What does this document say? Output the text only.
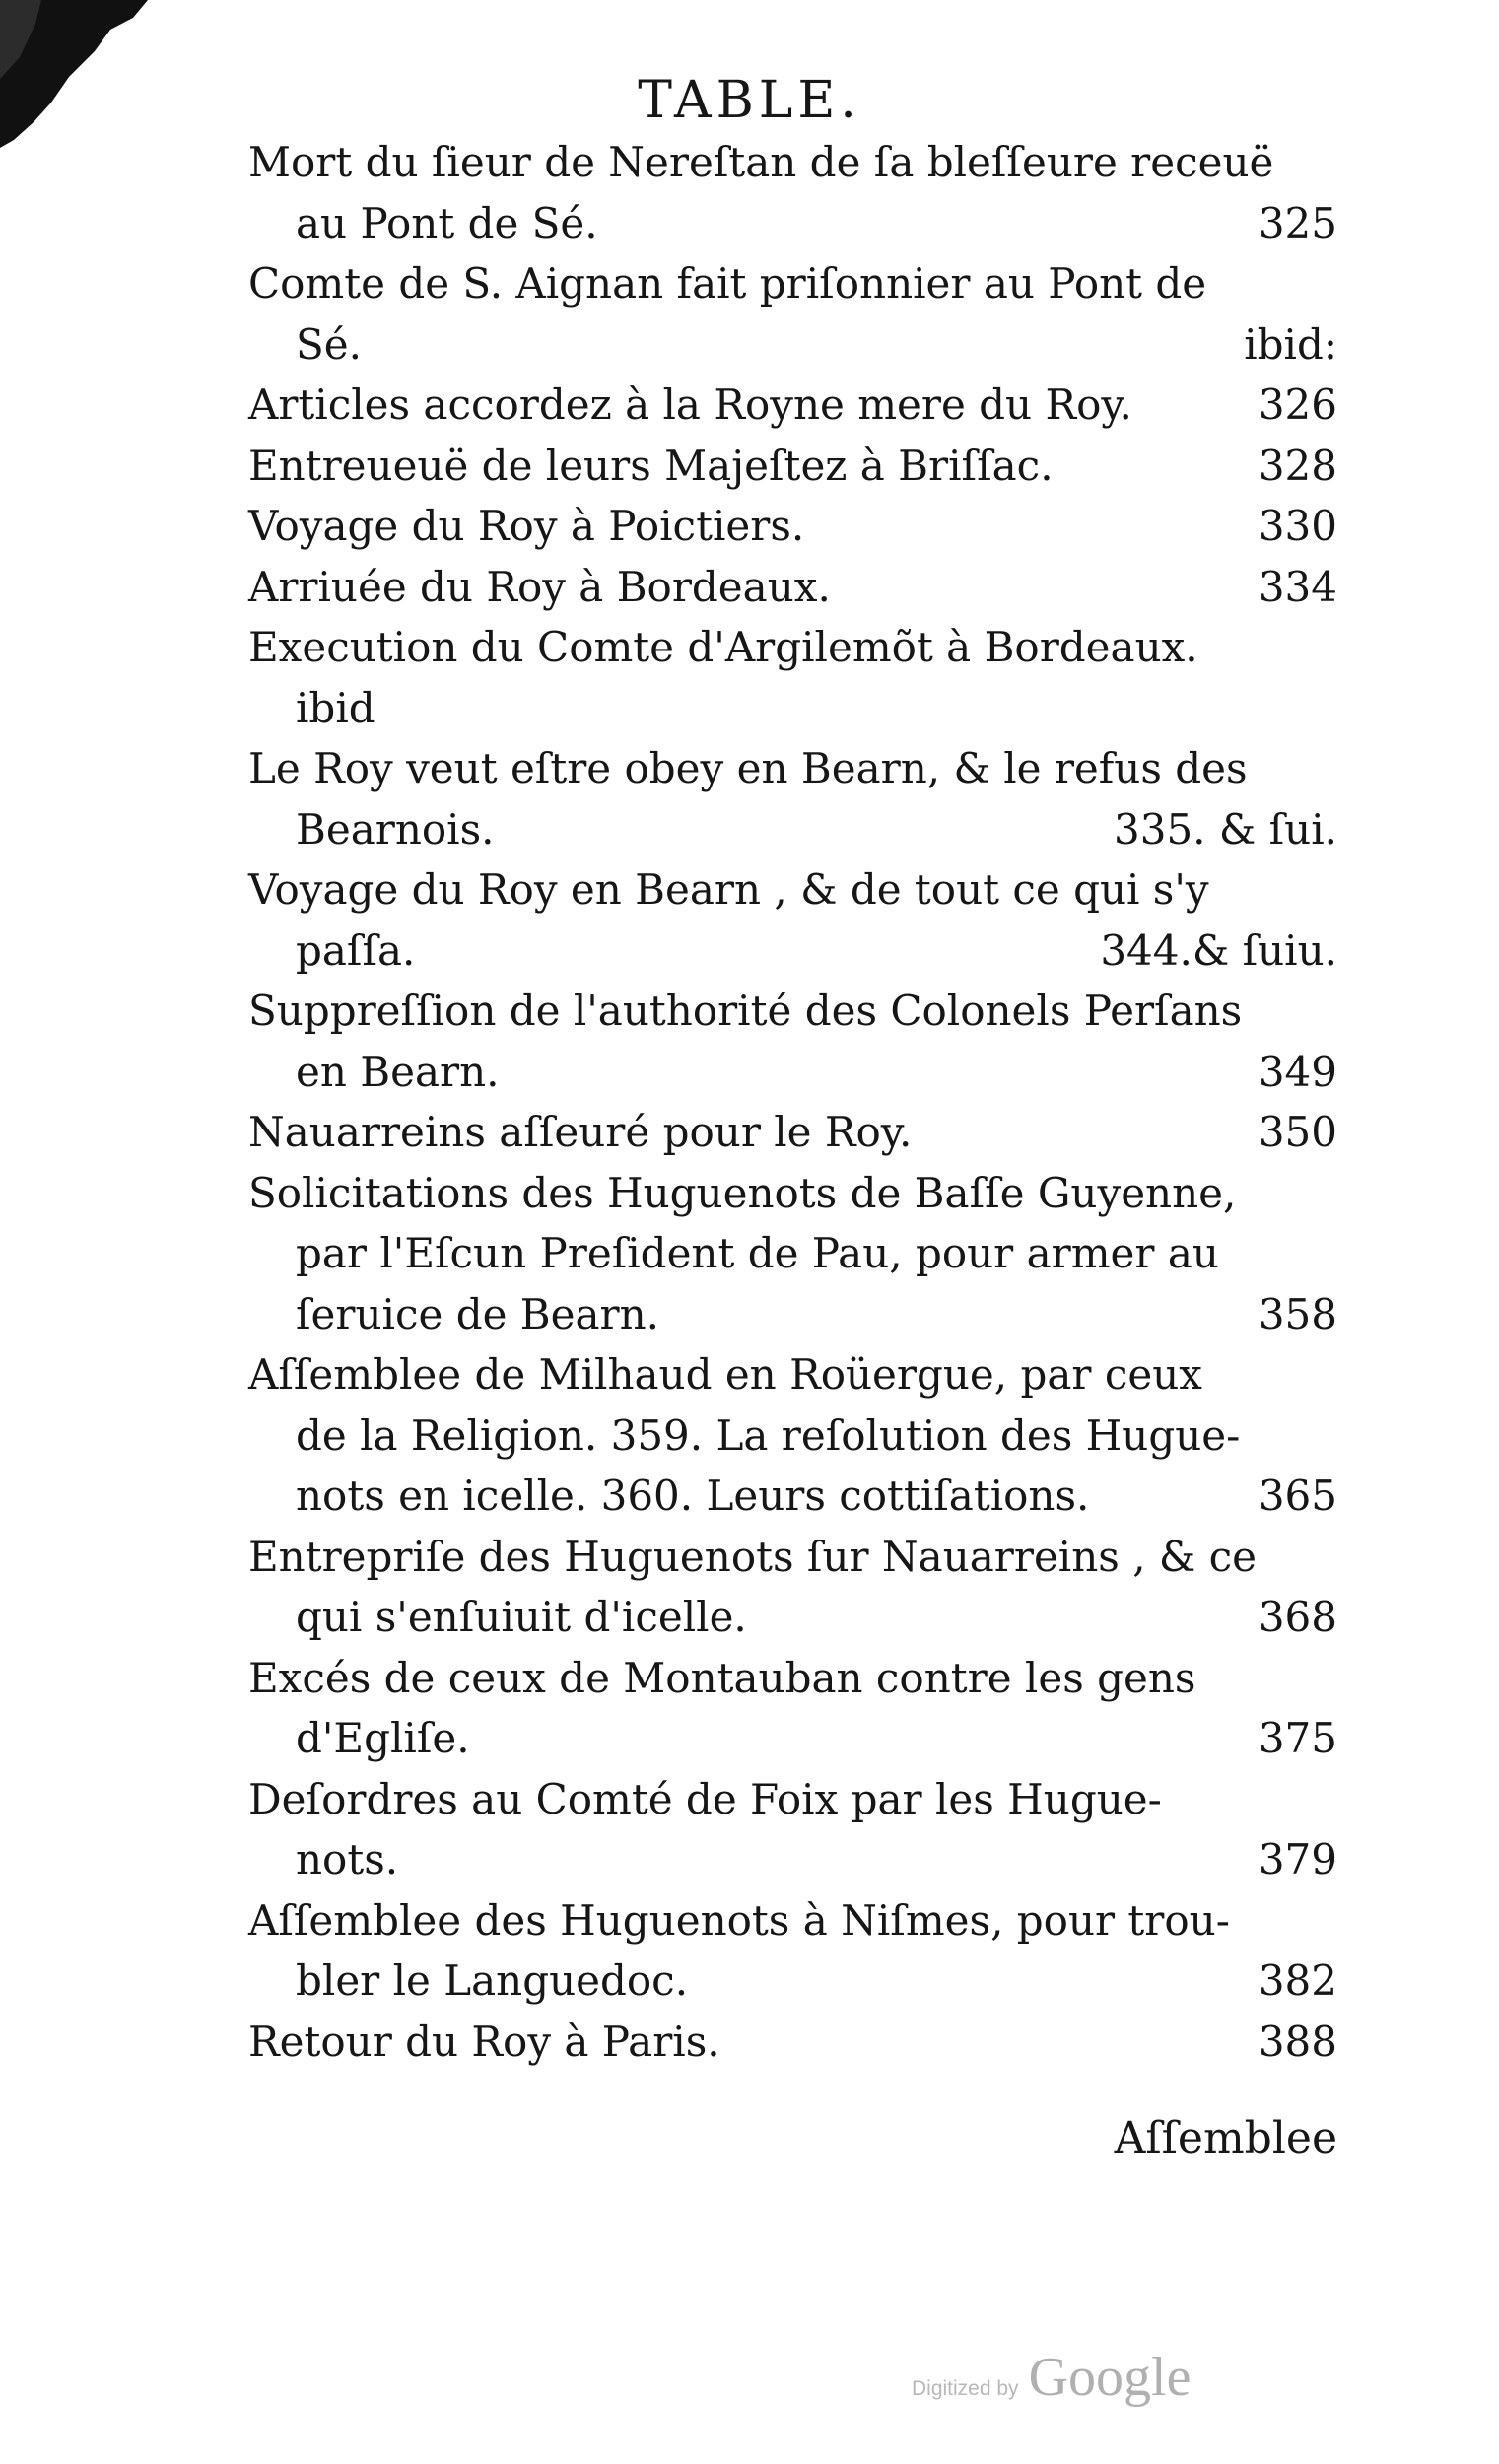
TABLE.
Mort du ſieur de Nereſtan de ſa bleſſeure receuë
au Pont de Sé.	325
Comte de S. Aignan fait priſonnier au Pont de
Sé.	ibid:
Articles accordez à la Royne mere du Roy.	326
Entreueuë de leurs Majeſtez à Briſſac.	328
Voyage du Roy à Poictiers.	330
Arriuée du Roy à Bordeaux.	334
Execution du Comte d'Argilemõt à Bordeaux.
ibid
Le Roy veut eſtre obey en Bearn, & le refus des
Bearnois.	335. & ſui.
Voyage du Roy en Bearn , & de tout ce qui s'y
paſſa.	344.& ſuiu.
Suppreſſion de l'authorité des Colonels Perſans
en Bearn.	349
Nauarreins aſſeuré pour le Roy.	350
Solicitations des Huguenots de Baſſe Guyenne,
par l'Eſcun Preſident de Pau, pour armer au
ſeruice de Bearn.	358
Aſſemblee de Milhaud en Roüergue, par ceux
de la Religion. 359. La reſolution des Hugue-
nots en icelle. 360. Leurs cottiſations.	365
Entrepriſe des Huguenots ſur Nauarreins , & ce
qui s'enſuiuit d'icelle.	368
Excés de ceux de Montauban contre les gens
d'Egliſe.	375
Deſordres au Comté de Foix par les Hugue-
nots.	379
Aſſemblee des Huguenots à Niſmes, pour trou-
bler le Languedoc.	382
Retour du Roy à Paris.	388
Aſſemblee
Digitized by Google
